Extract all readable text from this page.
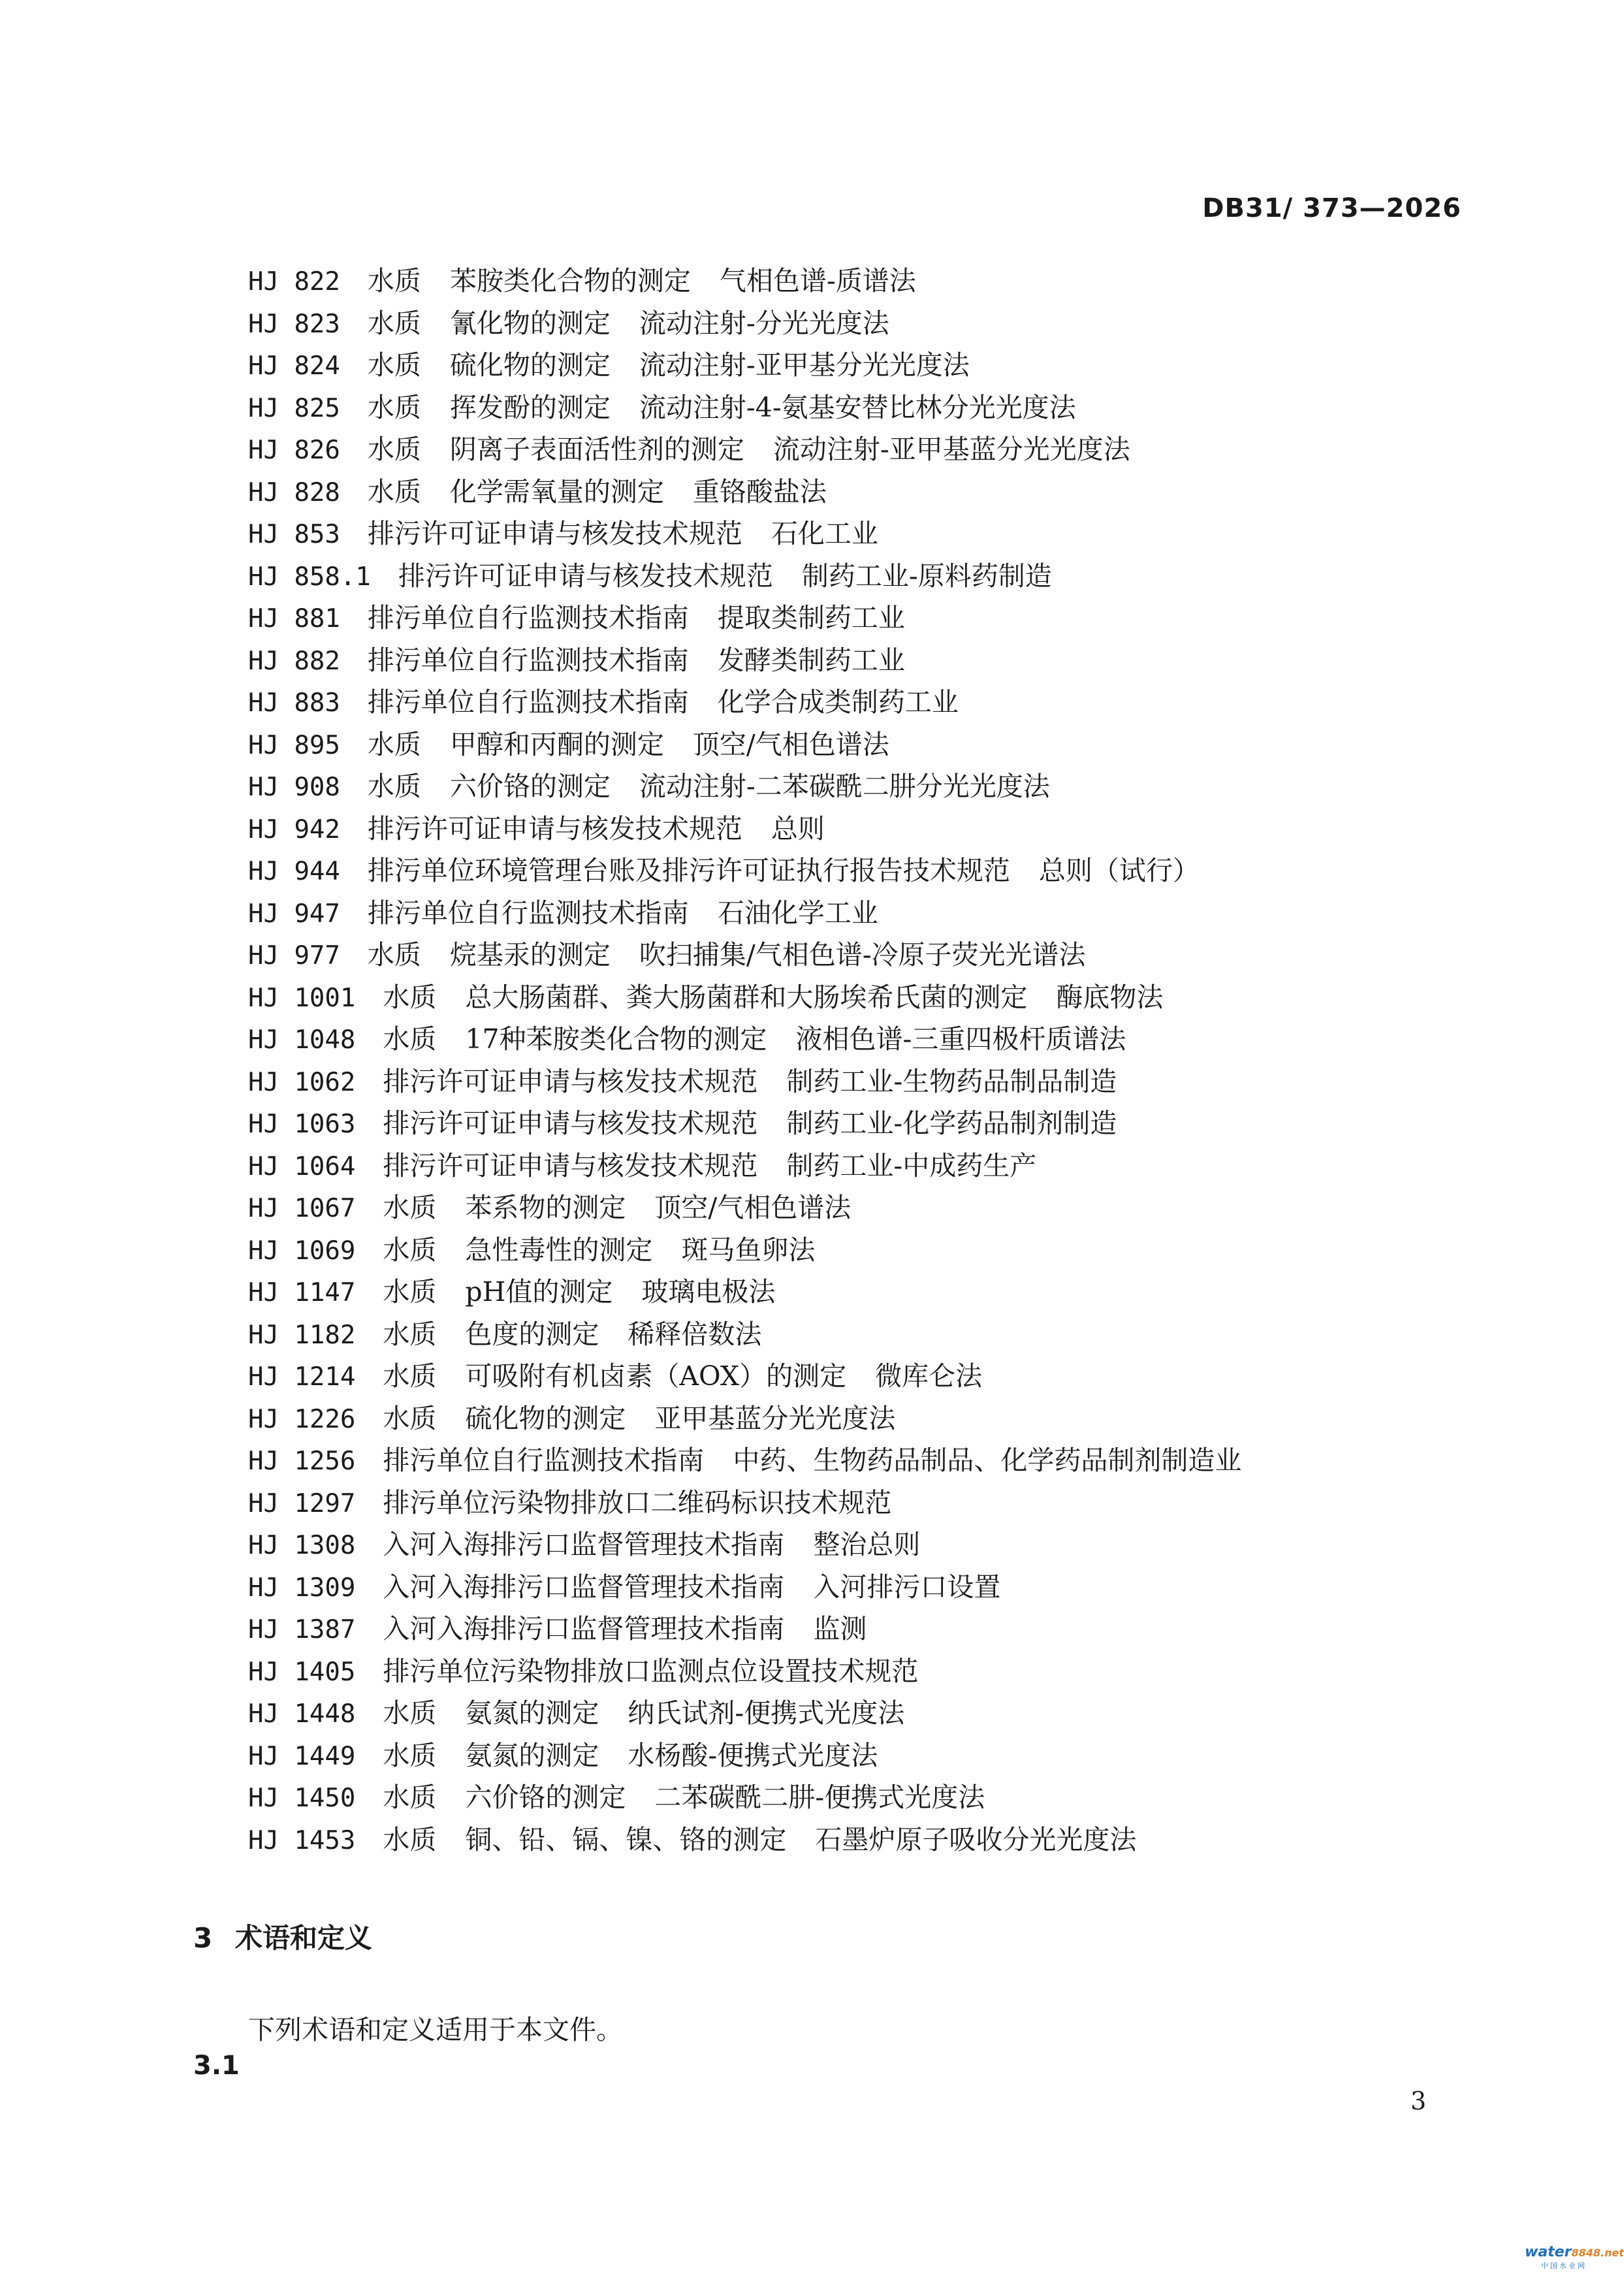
DB31/ 373—2026
HJ 822 水质 苯胺类化合物的测定 气相色谱-质谱法
HJ 823 水质 氰化物的测定 流动注射-分光光度法
HJ 824 水质 硫化物的测定 流动注射-亚甲基分光光度法
HJ 825 水质 挥发酚的测定 流动注射-4-氨基安替比林分光光度法
HJ 826 水质 阴离子表面活性剂的测定 流动注射-亚甲基蓝分光光度法
HJ 828 水质 化学需氧量的测定 重铬酸盐法
HJ 853 排污许可证申请与核发技术规范 石化工业
HJ 858.1 排污许可证申请与核发技术规范 制药工业-原料药制造
HJ 881 排污单位自行监测技术指南 提取类制药工业
HJ 882 排污单位自行监测技术指南 发酵类制药工业
HJ 883 排污单位自行监测技术指南 化学合成类制药工业
HJ 895 水质 甲醇和丙酮的测定 顶空/气相色谱法
HJ 908 水质 六价铬的测定 流动注射-二苯碳酰二肼分光光度法
HJ 942 排污许可证申请与核发技术规范 总则
HJ 944 排污单位环境管理台账及排污许可证执行报告技术规范 总则（试行）
HJ 947 排污单位自行监测技术指南 石油化学工业
HJ 977 水质 烷基汞的测定 吹扫捕集/气相色谱-冷原子荧光光谱法
HJ 1001 水质 总大肠菌群、粪大肠菌群和大肠埃希氏菌的测定 酶底物法
HJ 1048 水质 17种苯胺类化合物的测定 液相色谱-三重四极杆质谱法
HJ 1062 排污许可证申请与核发技术规范 制药工业-生物药品制品制造
HJ 1063 排污许可证申请与核发技术规范 制药工业-化学药品制剂制造
HJ 1064 排污许可证申请与核发技术规范 制药工业-中成药生产
HJ 1067 水质 苯系物的测定 顶空/气相色谱法
HJ 1069 水质 急性毒性的测定 斑马鱼卵法
HJ 1147 水质 pH值的测定 玻璃电极法
HJ 1182 水质 色度的测定 稀释倍数法
HJ 1214 水质 可吸附有机卤素（AOX）的测定 微库仑法
HJ 1226 水质 硫化物的测定 亚甲基蓝分光光度法
HJ 1256 排污单位自行监测技术指南 中药、生物药品制品、化学药品制剂制造业
HJ 1297 排污单位污染物排放口二维码标识技术规范
HJ 1308 入河入海排污口监督管理技术指南 整治总则
HJ 1309 入河入海排污口监督管理技术指南 入河排污口设置
HJ 1387 入河入海排污口监督管理技术指南 监测
HJ 1405 排污单位污染物排放口监测点位设置技术规范
HJ 1448 水质 氨氮的测定 纳氏试剂-便携式光度法
HJ 1449 水质 氨氮的测定 水杨酸-便携式光度法
HJ 1450 水质 六价铬的测定 二苯碳酰二肼-便携式光度法
HJ 1453 水质 铜、铅、镉、镍、铬的测定 石墨炉原子吸收分光光度法
3 术语和定义
下列术语和定义适用于本文件。
3.1
3
water8848.net
中国水业网
